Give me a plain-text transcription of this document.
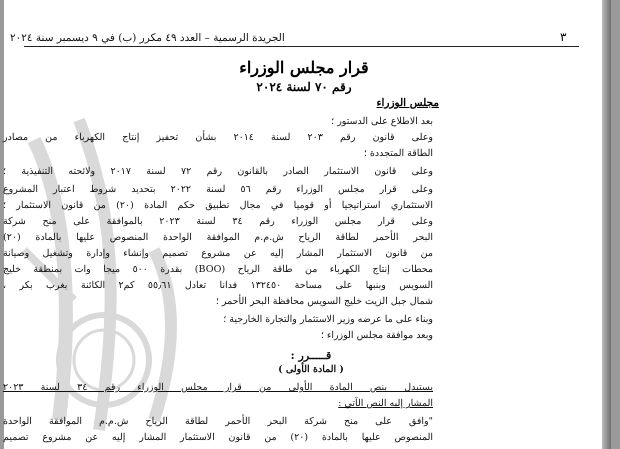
الجريدة الرسمية – العدد ٤٩ مكرر (ب) في ٩ ديسمبر سنة ٢٠٢٤	٣
قرار مجلس الوزراء
رقم ٧٠ لسنة ٢٠٢٤
مجلس الوزراء
بعد الاطلاع على الدستور ؛
وعلى قانون رقم ٢٠٣ لسنة ٢٠١٤ بشأن تحفيز إنتاج الكهرباء من مصادر
الطاقة المتجددة ؛
وعلى قانون الاستثمار الصادر بالقانون رقم ٧٢ لسنة ٢٠١٧ ولائحته التنفيذية ؛
وعلى قرار مجلس الوزراء رقم ٥٦ لسنة ٢٠٢٢ بتحديد شروط اعتبار المشروع
الاستثماري استراتيجيا أو قوميا في مجال تطبيق حكم المادة (٢٠) من قانون الاستثمار ؛
وعلى قرار مجلس الوزراء رقم ٣٤ لسنة ٢٠٢٣ بالموافقة على منح شركة
البحر الأحمر لطاقة الرياح ش.م.م الموافقة الواحدة المنصوص عليها بالمادة (٢٠)
من قانون الاستثمار المشار إليه عن مشروع تصميم وإنشاء وإدارة وتشغيل وصيانة
محطات إنتاج الكهرباء من طاقة الرياح (BOO) بقدرة ٥٠٠ ميجا وات بمنطقة خليج
السويس وبنبها على مساحة ١٣٢٤٥٠ فدانا تعادل ٥٥٫٦١ كم٢ الكائنة بغرب بكر ،
شمال جبل الزيت خليج السويس محافظة البحر الأحمر ؛
وبناء على ما عرضه وزير الاستثمار والتجارة الخارجية ؛
وبعد موافقة مجلس الوزراء ؛
قـــــرر :
( المادة الأولى )
يستبدل بنص المادة الأولى من قرار مجلس الوزراء رقم ٣٤ لسنة ٢٠٢٣
المشار إليه النص الآتي :
"وافق على منح شركة البحر الأحمر لطاقة الرياح ش.م.م الموافقة الواحدة
المنصوص عليها بالمادة (٢٠) من قانون الاستثمار المشار إليه عن مشروع تصميم
